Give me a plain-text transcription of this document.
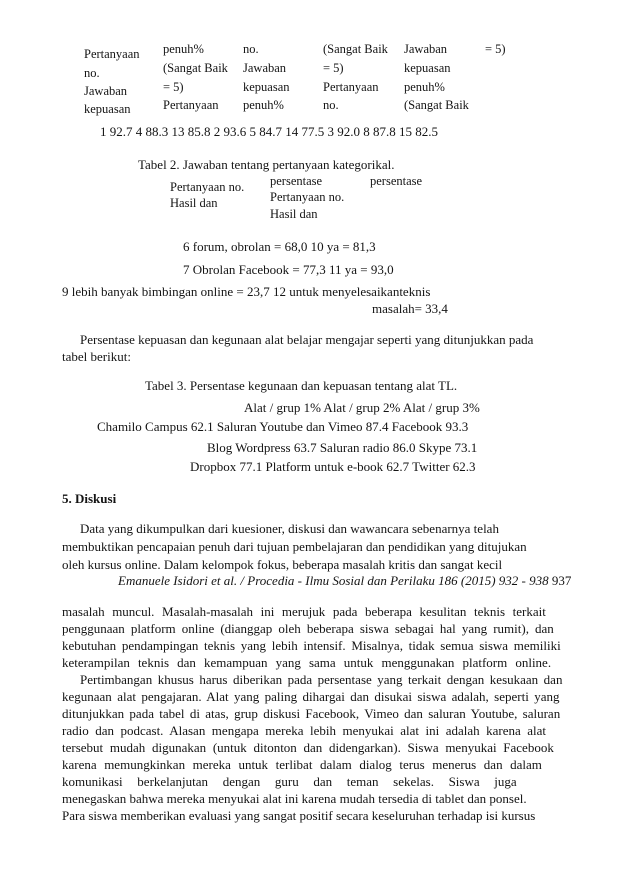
Pertanyaan
no.
Jawaban
kepuasan
penuh%
(Sangat Baik
= 5)
Pertanyaan
no.
Jawaban
kepuasan
penuh%
(Sangat Baik
= 5)
Pertanyaan
no.
Jawaban
kepuasan
penuh%
(Sangat Baik
= 5)
1 92.7 4 88.3 13 85.8 2 93.6 5 84.7 14 77.5 3 92.0 8 87.8 15 82.5
Tabel 2. Jawaban tentang pertanyaan kategorikal.
Pertanyaan no.
Hasil dan
persentase
Pertanyaan no.
Hasil dan
persentase
6 forum, obrolan = 68,0 10 ya = 81,3
7 Obrolan Facebook = 77,3 11 ya = 93,0
9 lebih banyak bimbingan online = 23,7 12 untuk menyelesaikanteknis
masalah= 33,4
Persentase kepuasan dan kegunaan alat belajar mengajar seperti yang ditunjukkan pada
tabel berikut:
Tabel 3. Persentase kegunaan dan kepuasan tentang alat TL.
Alat / grup 1% Alat / grup 2% Alat / grup 3%
Chamilo Campus 62.1 Saluran Youtube dan Vimeo 87.4 Facebook 93.3
Blog Wordpress 63.7 Saluran radio 86.0 Skype 73.1
Dropbox 77.1 Platform untuk e-book 62.7 Twitter 62.3
5. Diskusi
Data yang dikumpulkan dari kuesioner, diskusi dan wawancara sebenarnya telah
membuktikan pencapaian penuh dari tujuan pembelajaran dan pendidikan yang ditujukan
oleh kursus online. Dalam kelompok fokus, beberapa masalah kritis dan sangat kecil
Emanuele Isidori et al. / Procedia - Ilmu Sosial dan Perilaku 186 (2015) 932 - 938 937
masalah muncul. Masalah-masalah ini merujuk pada beberapa kesulitan teknis terkait
penggunaan platform online (dianggap oleh beberapa siswa sebagai hal yang rumit), dan
kebutuhan pendampingan teknis yang lebih intensif. Misalnya, tidak semua siswa memiliki
keterampilan teknis dan kemampuan yang sama untuk menggunakan platform online.
Pertimbangan khusus harus diberikan pada persentase yang terkait dengan kesukaan dan
kegunaan alat pengajaran. Alat yang paling dihargai dan disukai siswa adalah, seperti yang
ditunjukkan pada tabel di atas, grup diskusi Facebook, Vimeo dan saluran Youtube, saluran
radio dan podcast. Alasan mengapa mereka lebih menyukai alat ini adalah karena alat
tersebut mudah digunakan (untuk ditonton dan didengarkan). Siswa menyukai Facebook
karena memungkinkan mereka untuk terlibat dalam dialog terus menerus dan dalam
komunikasi berkelanjutan dengan guru dan teman sekelas. Siswa juga
menegaskan bahwa mereka menyukai alat ini karena mudah tersedia di tablet dan ponsel.
Para siswa memberikan evaluasi yang sangat positif secara keseluruhan terhadap isi kursus
